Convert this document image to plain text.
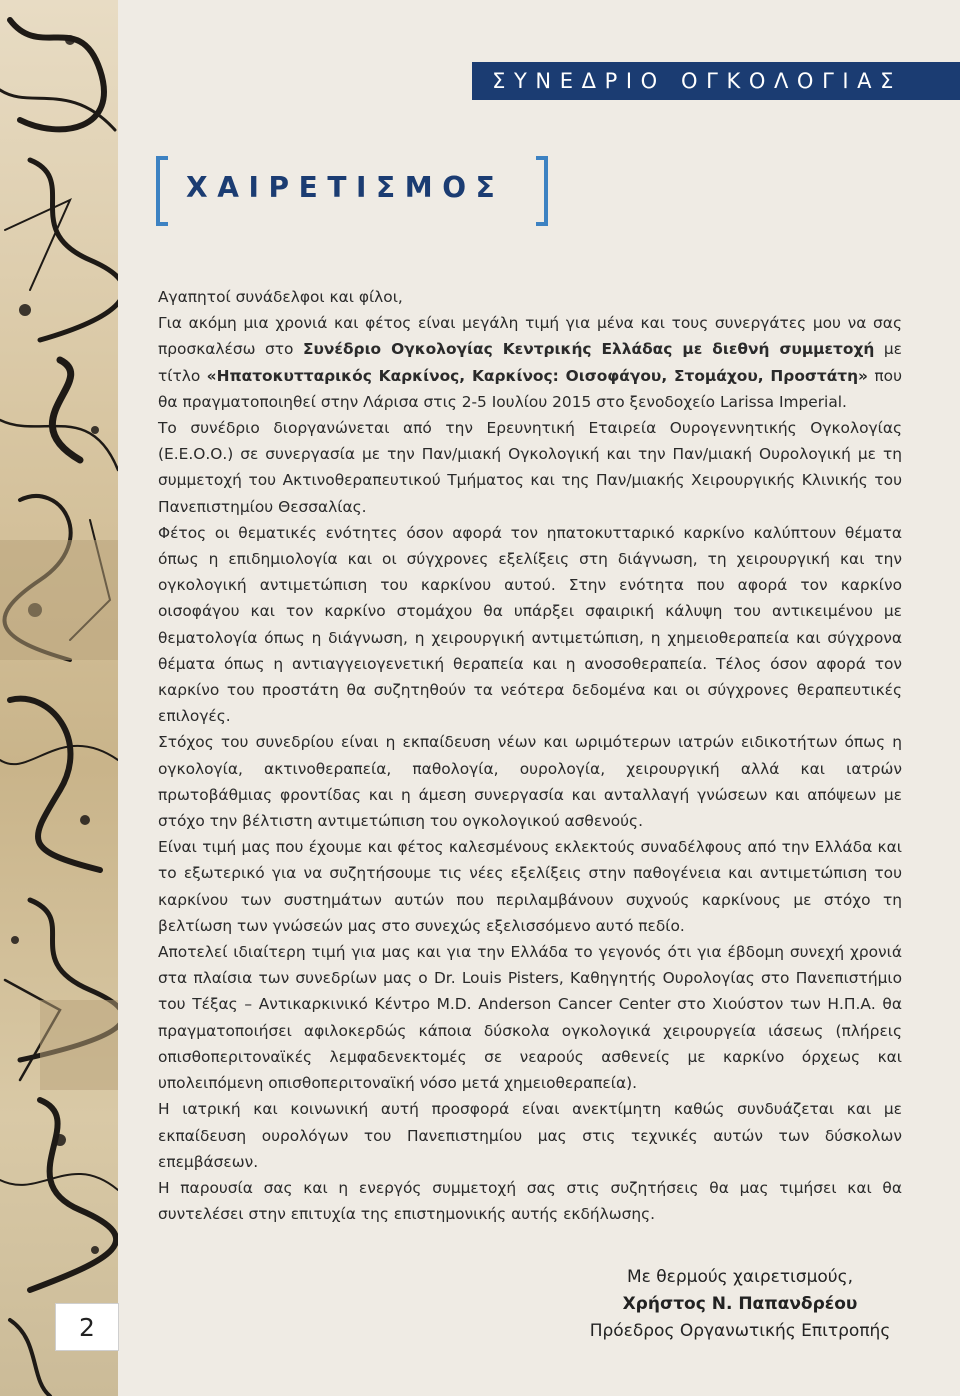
2
ΣΥΝΕΔΡΙΟ ΟΓΚΟΛΟΓΙΑΣ
ΧΑΙΡΕΤΙΣΜΟΣ

Αγαπητοί συνάδελφοι και φίλοι,

Για ακόμη μια χρονιά και φέτος είναι μεγάλη τιμή για μένα και τους συνεργάτες μου να σας προσκαλέσω στο Συνέδριο Ογκολογίας Κεντρικής Ελλάδας με διεθνή συμμετοχή με τίτλο «Ηπατοκυτταρικός Καρκίνος, Καρκίνος: Οισοφάγου, Στομάχου, Προστάτη» που θα πραγματοποιηθεί στην Λάρισα στις 2-5 Ιουλίου 2015 στο ξενοδοχείο Larissa Imperial.

Το συνέδριο διοργανώνεται από την Ερευνητική Εταιρεία Ουρογεννητικής Ογκολογίας (Ε.Ε.Ο.Ο.) σε συνεργασία με την Παν/μιακή Ογκολογική και την Παν/μιακή Ουρολογική με τη συμμετοχή του Ακτινοθεραπευτικού Τμήματος και της Παν/μιακής Χειρουργικής Κλινικής του Πανεπιστημίου Θεσσαλίας.

Φέτος οι θεματικές ενότητες όσον αφορά τον ηπατοκυτταρικό καρκίνο καλύπτουν θέματα όπως η επιδημιολογία και οι σύγχρονες εξελίξεις στη διάγνωση, τη χειρουργική και την ογκολογική αντιμετώπιση του καρκίνου αυτού. Στην ενότητα που αφορά τον καρκίνο οισοφάγου και τον καρκίνο στομάχου θα υπάρξει σφαιρική κάλυψη του αντικειμένου με θεματολογία όπως η διάγνωση, η χειρουργική αντιμετώπιση, η χημειοθεραπεία και σύγχρονα θέματα όπως η αντιαγγειογενετική θεραπεία και η ανοσοθεραπεία. Τέλος όσον αφορά τον καρκίνο του προστάτη θα συζητηθούν τα νεότερα δεδομένα και οι σύγχρονες θεραπευτικές επιλογές.

Στόχος του συνεδρίου είναι η εκπαίδευση νέων και ωριμότερων ιατρών ειδικοτήτων όπως η ογκολογία, ακτινοθεραπεία, παθολογία, ουρολογία, χειρουργική αλλά και ιατρών πρωτοβάθμιας φροντίδας και η άμεση συνεργασία και ανταλλαγή γνώσεων και απόψεων με στόχο την βέλτιστη αντιμετώπιση του ογκολογικού ασθενούς.

Είναι τιμή μας που έχουμε και φέτος καλεσμένους εκλεκτούς συναδέλφους από την Ελλάδα και το εξωτερικό για να συζητήσουμε τις νέες εξελίξεις στην παθογένεια και αντιμετώπιση του καρκίνου των συστημάτων αυτών που περιλαμβάνουν συχνούς καρκίνους με στόχο τη βελτίωση των γνώσεών μας στο συνεχώς εξελισσόμενο αυτό πεδίο.

Αποτελεί ιδιαίτερη τιμή για μας και για την Ελλάδα το γεγονός ότι για έβδομη συνεχή χρονιά στα πλαίσια των συνεδρίων μας ο Dr. Louis Pisters, Καθηγητής Ουρολογίας στο Πανεπιστήμιο του Τέξας – Αντικαρκινικό Κέντρο M.D. Anderson Cancer Center στο Χιούστον των Η.Π.Α. θα πραγματοποιήσει αφιλοκερδώς κάποια δύσκολα ογκολογικά χειρουργεία ιάσεως (πλήρεις οπισθοπεριτοναϊκές λεμφαδενεκτομές σε νεαρούς ασθενείς με καρκίνο όρχεως και υπολειπόμενη οπισθοπεριτοναϊκή νόσο μετά χημειοθεραπεία).

Η ιατρική και κοινωνική αυτή προσφορά είναι ανεκτίμητη καθώς συνδυάζεται και με εκπαίδευση ουρολόγων του Πανεπιστημίου μας στις τεχνικές αυτών των δύσκολων επεμβάσεων.

Η παρουσία σας και η ενεργός συμμετοχή σας στις συζητήσεις θα μας τιμήσει και θα συντελέσει στην επιτυχία της επιστημονικής αυτής εκδήλωσης.

Με θερμούς χαιρετισμούς,
Χρήστος Ν. Παπανδρέου
Πρόεδρος Οργανωτικής Επιτροπής
